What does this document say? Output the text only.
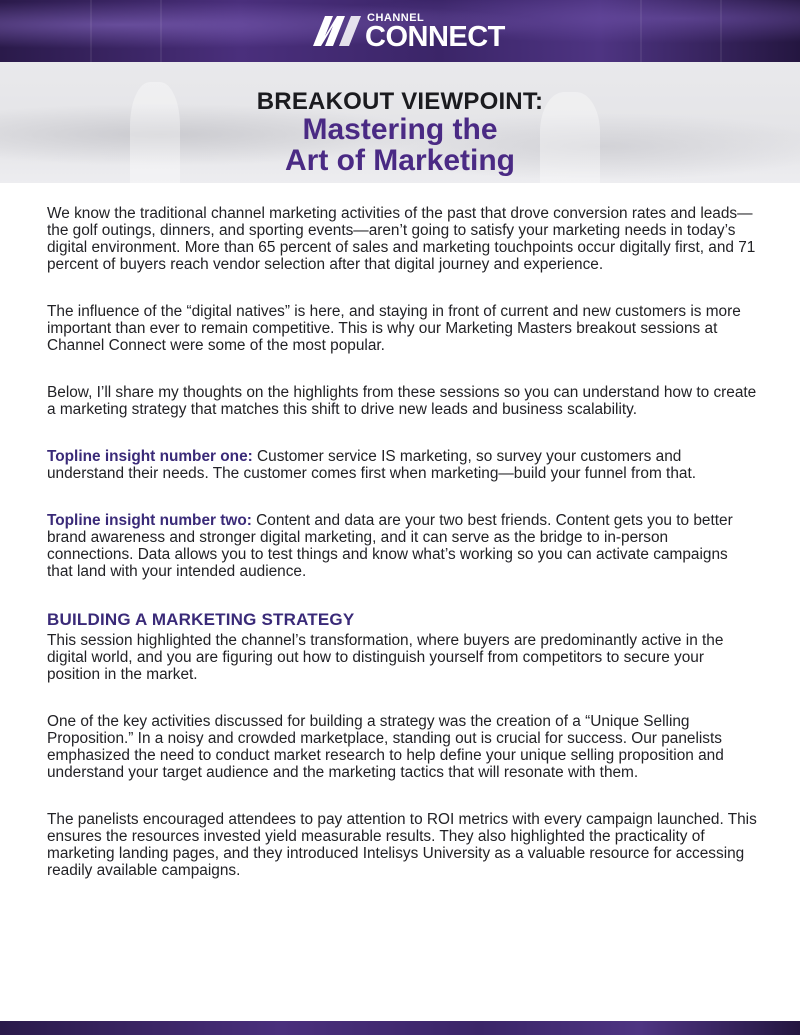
CHANNEL
CONNECT
BREAKOUT VIEWPOINT:
Mastering the
Art of Marketing

We know the traditional channel marketing activities of the past that drove conversion rates and leads—the golf outings, dinners, and sporting events—aren’t going to satisfy your marketing needs in today’s digital environment. More than 65 percent of sales and marketing touchpoints occur digitally first, and 71 percent of buyers reach vendor selection after that digital journey and experience.

The influence of the “digital natives” is here, and staying in front of current and new customers is more important than ever to remain competitive. This is why our Marketing Masters breakout sessions at Channel Connect were some of the most popular.

Below, I’ll share my thoughts on the highlights from these sessions so you can understand how to create a marketing strategy that matches this shift to drive new leads and business scalability.

Topline insight number one: Customer service IS marketing, so survey your customers and understand their needs. The customer comes first when marketing—build your funnel from that.

Topline insight number two: Content and data are your two best friends. Content gets you to better brand awareness and stronger digital marketing, and it can serve as the bridge to in-person connections. Data allows you to test things and know what’s working so you can activate campaigns that land with your intended audience.

BUILDING A MARKETING STRATEGY

This session highlighted the channel’s transformation, where buyers are predominantly active in the digital world, and you are figuring out how to distinguish yourself from competitors to secure your position in the market.

One of the key activities discussed for building a strategy was the creation of a “Unique Selling Proposition.” In a noisy and crowded marketplace, standing out is crucial for success. Our panelists emphasized the need to conduct market research to help define your unique selling proposition and understand your target audience and the marketing tactics that will resonate with them.

The panelists encouraged attendees to pay attention to ROI metrics with every campaign launched. This ensures the resources invested yield measurable results. They also highlighted the practicality of marketing landing pages, and they introduced Intelisys University as a valuable resource for accessing readily available campaigns.
